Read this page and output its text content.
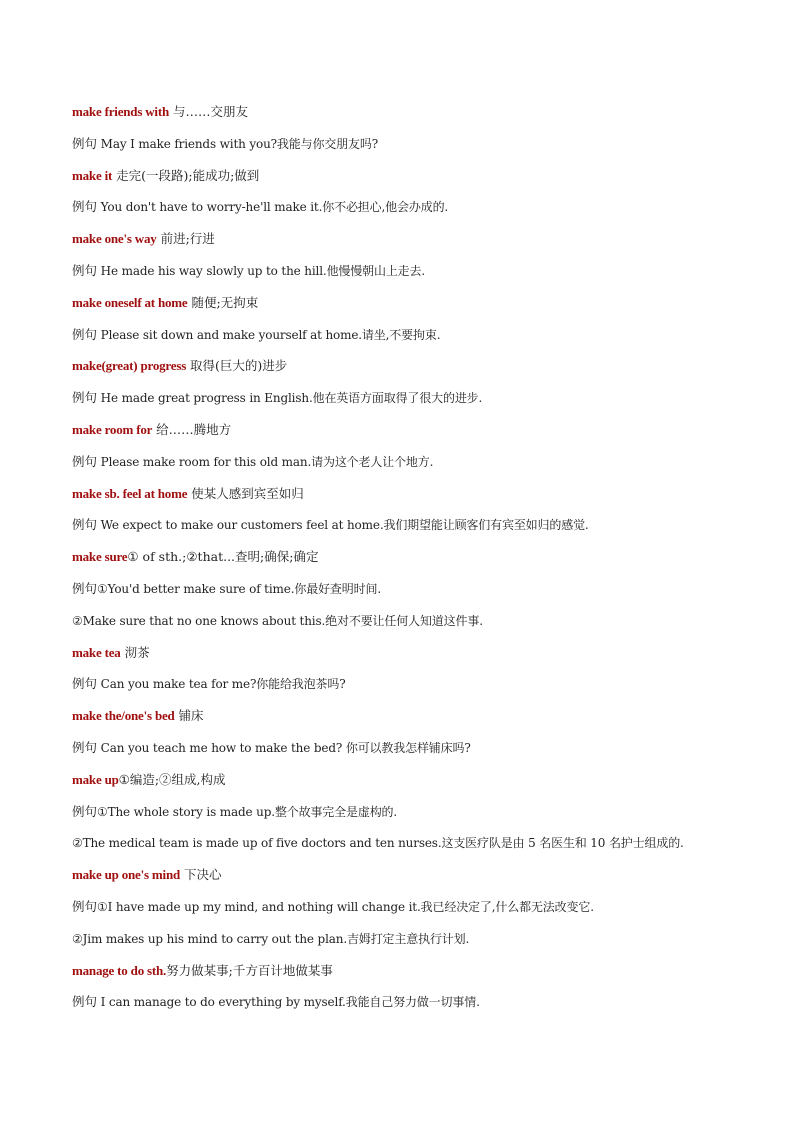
make friends with 与……交朋友
例句 May I make friends with you?我能与你交朋友吗?
make it 走完(一段路);能成功;做到
例句 You don't have to worry-he'll make it.你不必担心,他会办成的.
make one's way 前进;行进
例句 He made his way slowly up to the hill.他慢慢朝山上走去.
make oneself at home 随便;无拘束
例句 Please sit down and make yourself at home.请坐,不要拘束.
make(great) progress 取得(巨大的)进步
例句 He made great progress in English.他在英语方面取得了很大的进步.
make room for 给……腾地方
例句 Please make room for this old man.请为这个老人让个地方.
make sb. feel at home 使某人感到宾至如归
例句 We expect to make our customers feel at home.我们期望能让顾客们有宾至如归的感觉.
make sure① of sth.;②that...查明;确保;确定
例句①You'd better make sure of time.你最好查明时间.
②Make sure that no one knows about this.绝对不要让任何人知道这件事.
make tea 沏茶
例句 Can you make tea for me?你能给我泡茶吗?
make the/one's bed 铺床
例句 Can you teach me how to make the bed? 你可以教我怎样铺床吗?
make up①编造;②组成,构成
例句①The whole story is made up.整个故事完全是虚构的.
②The medical team is made up of five doctors and ten nurses.这支医疗队是由 5 名医生和 10 名护士组成的.
make up one's mind 下决心
例句①I have made up my mind, and nothing will change it.我已经决定了,什么都无法改变它.
②Jim makes up his mind to carry out the plan.吉姆打定主意执行计划.
manage to do sth.努力做某事;千方百计地做某事
例句 I can manage to do everything by myself.我能自己努力做一切事情.
